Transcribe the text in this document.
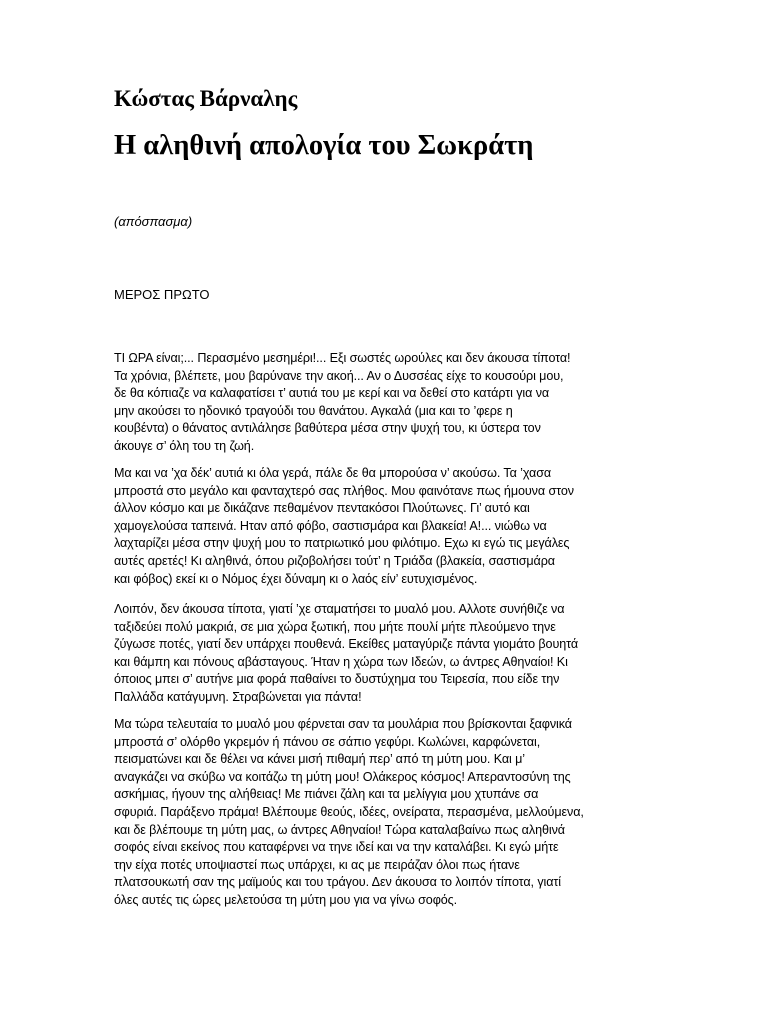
Κώστας Βάρναλης
Η αληθινή απολογία του Σωκράτη
(απόσπασμα)
ΜΕΡΟΣ ΠΡΩΤΟ
ΤΙ ΩΡΑ είναι;... Περασμένο μεσημέρι!... Εξι σωστές ωρούλες και δεν άκουσα τίποτα!
Τα χρόνια, βλέπετε, μου βαρύνανε την ακοή... Αν ο Δυσσέας είχε το κουσούρι μου,
δε θα κόπιαζε να καλαφατίσει τ’ αυτιά του με κερί και να δεθεί στο κατάρτι για να
μην ακούσει το ηδονικό τραγούδι του θανάτου. Αγκαλά (μια και το ’φερε η
κουβέντα) ο θάνατος αντιλάλησε βαθύτερα μέσα στην ψυχή του, κι ύστερα τον
άκουγε σ’ όλη του τη ζωή.
Μα και να ’χα δέκ’ αυτιά κι όλα γερά, πάλε δε θα μπορούσα ν’ ακούσω. Τα ’χασα
μπροστά στο μεγάλο και φανταχτερό σας πλήθος. Μου φαινότανε πως ήμουνα στον
άλλον κόσμο και με δικάζανε πεθαμένον πεντακόσοι Πλούτωνες. Γι’ αυτό και
χαμογελούσα ταπεινά. Ηταν από φόβο, σαστισμάρα και βλακεία! Α!... νιώθω να
λαχταρίζει μέσα στην ψυχή μου το πατριωτικό μου φιλότιμο. Εχω κι εγώ τις μεγάλες
αυτές αρετές! Κι αληθινά, όπου ριζοβολήσει τούτ’ η Τριάδα (βλακεία, σαστισμάρα
και φόβος) εκεί κι ο Νόμος έχει δύναμη κι ο λαός είν’ ευτυχισμένος.
Λοιπόν, δεν άκουσα τίποτα, γιατί ’χε σταματήσει το μυαλό μου. Αλλοτε συνήθιζε να
ταξιδεύει πολύ μακριά, σε μια χώρα ξωτική, που μήτε πουλί μήτε πλεούμενο τηνε
ζύγωσε ποτές, γιατί δεν υπάρχει πουθενά. Εκείθες ματαγύριζε πάντα γιομάτο βουητά
και θάμπη και πόνους αβάσταγους. Ήταν η χώρα των Ιδεών, ω άντρες Αθηναίοι! Κι
όποιος μπει σ’ αυτήνε μια φορά παθαίνει το δυστύχημα του Τειρεσία, που είδε την
Παλλάδα κατάγυμνη. Στραβώνεται για πάντα!
Μα τώρα τελευταία το μυαλό μου φέρνεται σαν τα μουλάρια που βρίσκονται ξαφνικά
μπροστά σ’ ολόρθο γκρεμόν ή πάνου σε σάπιο γεφύρι. Κωλώνει, καρφώνεται,
πεισματώνει και δε θέλει να κάνει μισή πιθαμή περ’ από τη μύτη μου. Και μ’
αναγκάζει να σκύβω να κοιτάζω τη μύτη μου! Ολάκερος κόσμος! Απεραντοσύνη της
ασκήμιας, ήγουν της αλήθειας! Με πιάνει ζάλη και τα μελίγγια μου χτυπάνε σα
σφυριά. Παράξενο πράμα! Βλέπουμε θεούς, ιδέες, ονείρατα, περασμένα, μελλούμενα,
και δε βλέπουμε τη μύτη μας, ω άντρες Αθηναίοι! Τώρα καταλαβαίνω πως αληθινά
σοφός είναι εκείνος που καταφέρνει να τηνε ιδεί και να την καταλάβει. Κι εγώ μήτε
την είχα ποτές υποψιαστεί πως υπάρχει, κι ας με πειράζαν όλοι πως ήτανε
πλατσουκωτή σαν της μαϊμούς και του τράγου. Δεν άκουσα το λοιπόν τίποτα, γιατί
όλες αυτές τις ώρες μελετούσα τη μύτη μου για να γίνω σοφός.
